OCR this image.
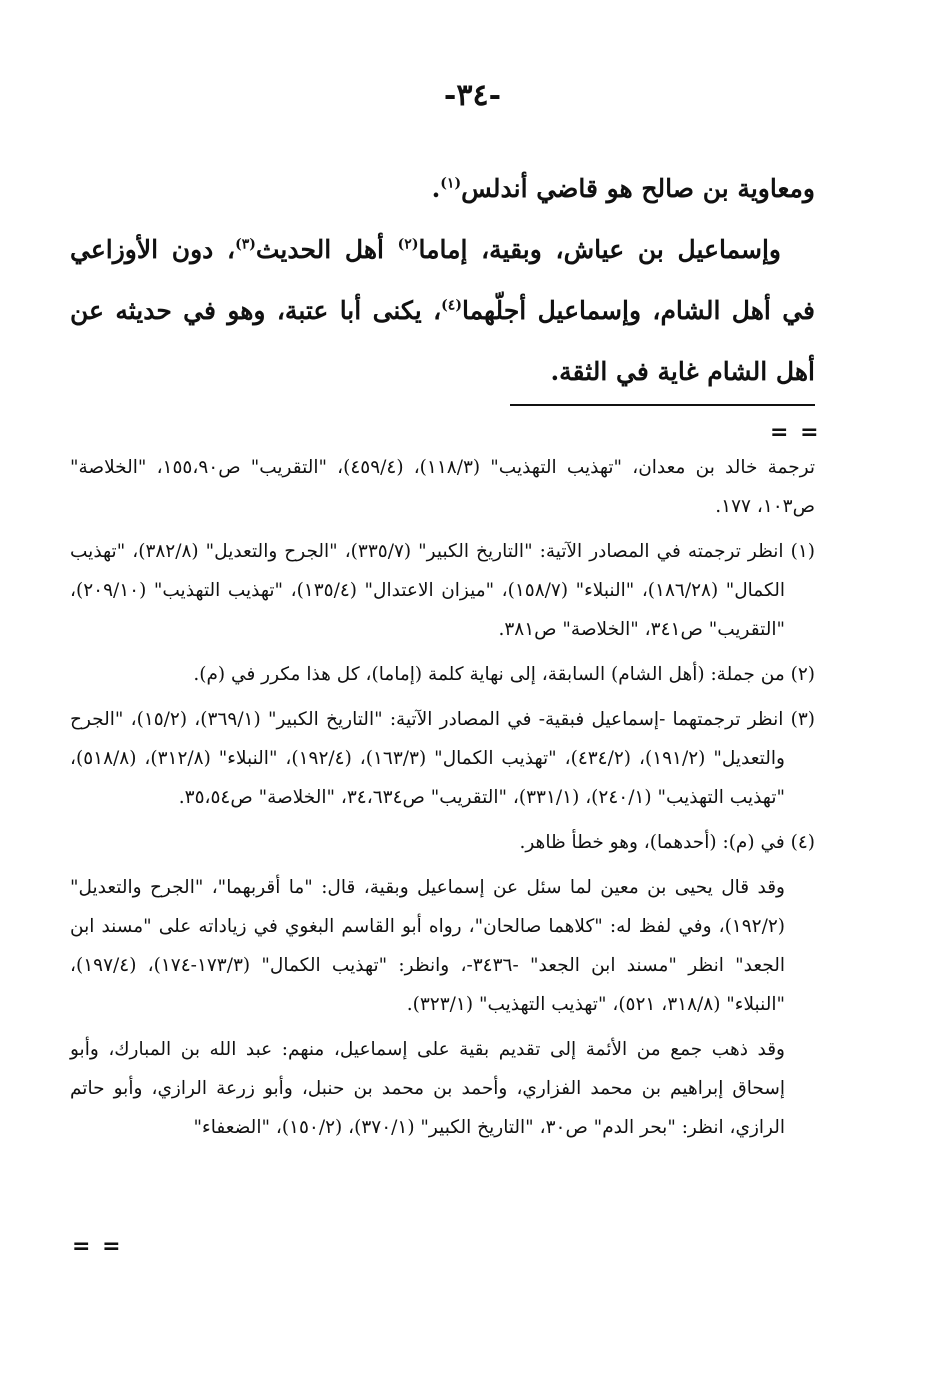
-٣٤-

ومعاوية بن صالح هو قاضي أندلس$^{(١)}$.

وإسماعيل بن عياش، وبقية، إماما$^{(٢)}$ أهل الحديث$^{(٣)}$، دون الأوزاعي في أهل الشام، وإسماعيل أجلّهما$^{(٤)}$، يكنى أبا عتبة، وهو في حديثه عن أهل الشام غاية في الثقة.

= =

ترجمة خالد بن معدان، "تهذيب التهذيب" (١١٨/٣)، (٤٥٩/٤)، "التقريب" ص١٥٥،٩٠، "الخلاصة" ص١٠٣، ١٧٧.

(١) انظر ترجمته في المصادر الآتية: "التاريخ الكبير" (٣٣٥/٧)، "الجرح والتعديل" (٣٨٢/٨)، "تهذيب الكمال" (١٨٦/٢٨)، "النبلاء" (١٥٨/٧)، "ميزان الاعتدال" (١٣٥/٤)، "تهذيب التهذيب" (٢٠٩/١٠)، "التقريب" ص٣٤١، "الخلاصة" ص٣٨١.

(٢) من جملة: (أهل الشام) السابقة، إلى نهاية كلمة (إماما)، كل هذا مكرر في (م).

(٣) انظر ترجمتهما -إسماعيل فبقية- في المصادر الآتية: "التاريخ الكبير" (٣٦٩/١)، (١٥/٢)، "الجرح والتعديل" (١٩١/٢)، (٤٣٤/٢)، "تهذيب الكمال" (١٦٣/٣)، (١٩٢/٤)، "النبلاء" (٣١٢/٨)، (٥١٨/٨)، "تهذيب التهذيب" (٢٤٠/١)، (٣٣١/١)، "التقريب" ص٣٤،٦٣٤، "الخلاصة" ص٣٥،٥٤.

(٤) في (م): (أحدهما)، وهو خطأ ظاهر.

وقد قال يحيى بن معين لما سئل عن إسماعيل وبقية، قال: "ما أقربهما"، "الجرح والتعديل" (١٩٢/٢)، وفي لفظ له: "كلاهما صالحان"، رواه أبو القاسم البغوي في زياداته على "مسند ابن الجعد" انظر "مسند ابن الجعد" -٣٤٣٦-، وانظر: "تهذيب الكمال" (١٧٣/٣-١٧٤)، (١٩٧/٤)، "النبلاء" (٣١٨/٨، ٥٢١)، "تهذيب التهذيب" (٣٢٣/١).

وقد ذهب جمع من الأئمة إلى تقديم بقية على إسماعيل، منهم: عبد الله بن المبارك، وأبو إسحاق إبراهيم بن محمد الفزاري، وأحمد بن محمد بن حنبل، وأبو زرعة الرازي، وأبو حاتم الرازي، انظر: "بحر الدم" ص٣٠، "التاريخ الكبير" (٣٧٠/١)، (١٥٠/٢)، "الضعفاء"

= =
